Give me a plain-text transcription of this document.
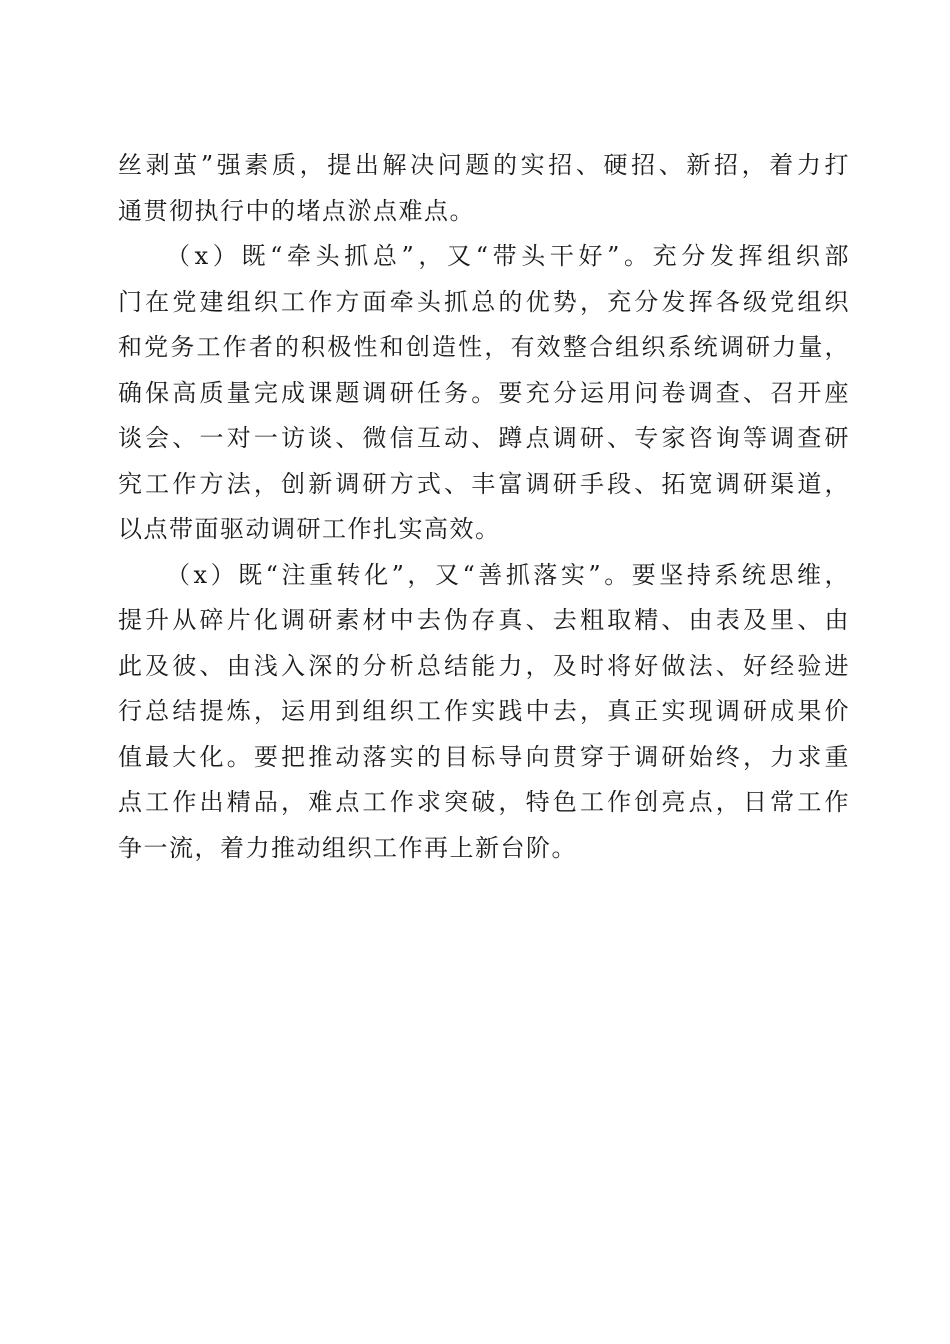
丝剥茧”强素质，提出解决问题的实招、硬招、新招，着力打
通贯彻执行中的堵点淤点难点。
（x）既“牵头抓总”，又“带头干好”。充分发挥组织部
门在党建组织工作方面牵头抓总的优势，充分发挥各级党组织
和党务工作者的积极性和创造性，有效整合组织系统调研力量，
确保高质量完成课题调研任务。要充分运用问卷调查、召开座
谈会、一对一访谈、微信互动、蹲点调研、专家咨询等调查研
究工作方法，创新调研方式、丰富调研手段、拓宽调研渠道，
以点带面驱动调研工作扎实高效。
（x）既“注重转化”，又“善抓落实”。要坚持系统思维，
提升从碎片化调研素材中去伪存真、去粗取精、由表及里、由
此及彼、由浅入深的分析总结能力，及时将好做法、好经验进
行总结提炼，运用到组织工作实践中去，真正实现调研成果价
值最大化。要把推动落实的目标导向贯穿于调研始终，力求重
点工作出精品，难点工作求突破，特色工作创亮点，日常工作
争一流，着力推动组织工作再上新台阶。
